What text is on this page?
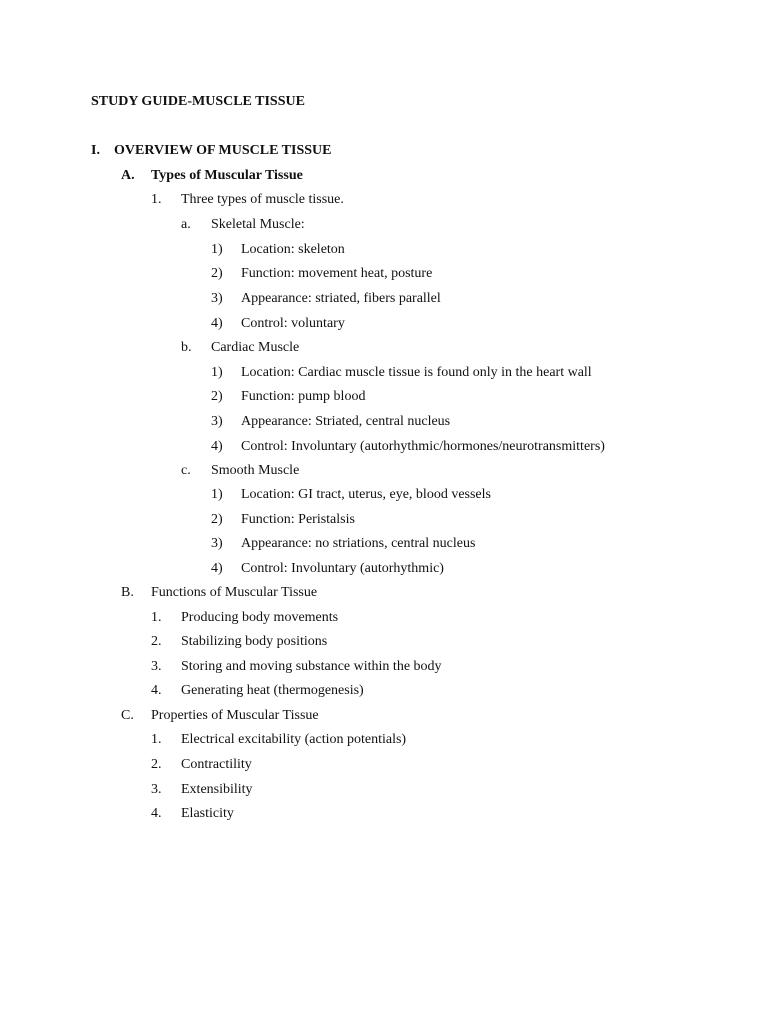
STUDY GUIDE-MUSCLE TISSUE
I. OVERVIEW OF MUSCLE TISSUE
A. Types of Muscular Tissue
1. Three types of muscle tissue.
a. Skeletal Muscle:
1) Location: skeleton
2) Function: movement heat, posture
3) Appearance: striated, fibers parallel
4) Control: voluntary
b. Cardiac Muscle
1) Location: Cardiac muscle tissue is found only in the heart wall
2) Function: pump blood
3) Appearance: Striated, central nucleus
4) Control: Involuntary (autorhythmic/hormones/neurotransmitters)
c. Smooth Muscle
1) Location: GI tract, uterus, eye, blood vessels
2) Function: Peristalsis
3) Appearance: no striations, central nucleus
4) Control: Involuntary (autorhythmic)
B. Functions of Muscular Tissue
1. Producing body movements
2. Stabilizing body positions
3. Storing and moving substance within the body
4. Generating heat (thermogenesis)
C. Properties of Muscular Tissue
1. Electrical excitability (action potentials)
2. Contractility
3. Extensibility
4. Elasticity
